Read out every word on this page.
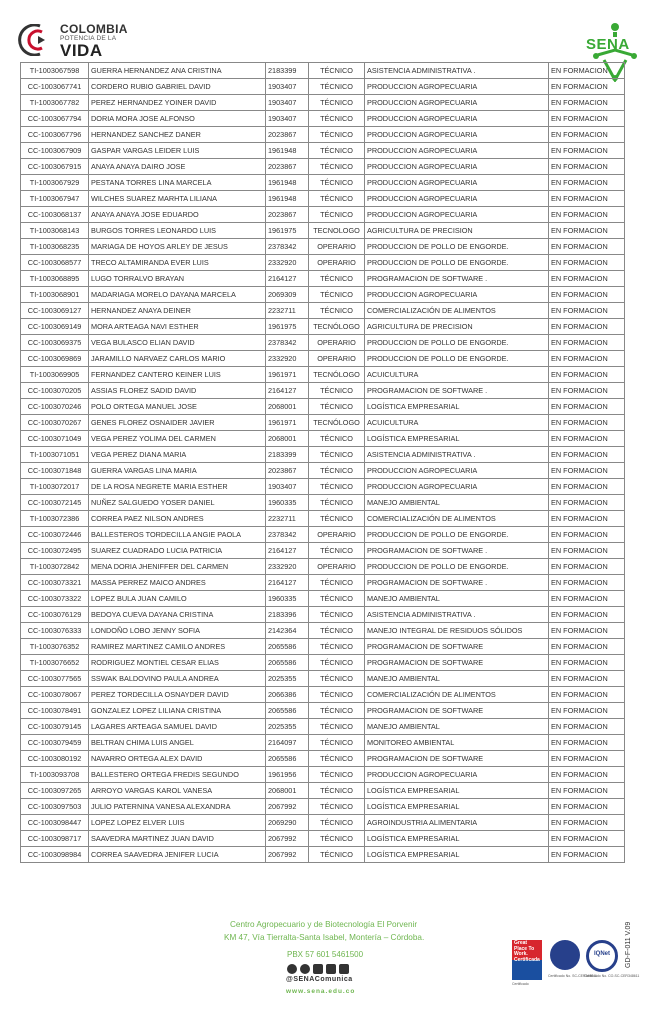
COLOMBIA
POTENCIA DE LA
VIDA	SENA
TI-1003067598	GUERRA HERNANDEZ ANA CRISTINA	2183399	TÉCNICO	ASISTENCIA ADMINISTRATIVA .	EN FORMACION
CC-1003067741	CORDERO RUBIO GABRIEL DAVID	1903407	TÉCNICO	PRODUCCION AGROPECUARIA	EN FORMACION
TI-1003067782	PEREZ HERNANDEZ YOINER DAVID	1903407	TÉCNICO	PRODUCCION AGROPECUARIA	EN FORMACION
CC-1003067794	DORIA MORA JOSE ALFONSO	1903407	TÉCNICO	PRODUCCION AGROPECUARIA	EN FORMACION
CC-1003067796	HERNANDEZ SANCHEZ DANER	2023867	TÉCNICO	PRODUCCION AGROPECUARIA	EN FORMACION
CC-1003067909	GASPAR VARGAS LEIDER LUIS	1961948	TÉCNICO	PRODUCCION AGROPECUARIA	EN FORMACION
CC-1003067915	ANAYA ANAYA DAIRO JOSE	2023867	TÉCNICO	PRODUCCION AGROPECUARIA	EN FORMACION
TI-1003067929	PESTANA TORRES LINA MARCELA	1961948	TÉCNICO	PRODUCCION AGROPECUARIA	EN FORMACION
TI-1003067947	WILCHES SUAREZ MARHTA LILIANA	1961948	TÉCNICO	PRODUCCION AGROPECUARIA	EN FORMACION
CC-1003068137	ANAYA ANAYA JOSE EDUARDO	2023867	TÉCNICO	PRODUCCION AGROPECUARIA	EN FORMACION
TI-1003068143	BURGOS TORRES LEONARDO LUIS	1961975	TECNOLOGO	AGRICULTURA DE PRECISION	EN FORMACION
TI-1003068235	MARIAGA DE HOYOS ARLEY DE JESUS	2378342	OPERARIO	PRODUCCION DE POLLO DE ENGORDE.	EN FORMACION
CC-1003068577	TRECO ALTAMIRANDA EVER LUIS	2332920	OPERARIO	PRODUCCION DE POLLO DE ENGORDE.	EN FORMACION
TI-1003068895	LUGO TORRALVO BRAYAN	2164127	TÉCNICO	PROGRAMACION DE SOFTWARE .	EN FORMACION
TI-1003068901	MADARIAGA MORELO DAYANA MARCELA	2069309	TÉCNICO	PRODUCCION AGROPECUARIA	EN FORMACION
CC-1003069127	HERNANDEZ ANAYA DEINER	2232711	TÉCNICO	COMERCIALIZACIÓN DE ALIMENTOS	EN FORMACION
CC-1003069149	MORA ARTEAGA NAVI ESTHER	1961975	TECNÓLOGO	AGRICULTURA DE PRECISION	EN FORMACION
CC-1003069375	VEGA BULASCO ELIAN DAVID	2378342	OPERARIO	PRODUCCION DE POLLO DE ENGORDE.	EN FORMACION
CC-1003069869	JARAMILLO NARVAEZ CARLOS MARIO	2332920	OPERARIO	PRODUCCION DE POLLO DE ENGORDE.	EN FORMACION
TI-1003069905	FERNANDEZ CANTERO KEINER LUIS	1961971	TECNÓLOGO	ACUICULTURA	EN FORMACION
CC-1003070205	ASSIAS FLOREZ SADID DAVID	2164127	TÉCNICO	PROGRAMACION DE SOFTWARE .	EN FORMACION
CC-1003070246	POLO ORTEGA MANUEL JOSE	2068001	TÉCNICO	LOGÍSTICA EMPRESARIAL	EN FORMACION
CC-1003070267	GENES FLOREZ OSNAIDER JAVIER	1961971	TECNÓLOGO	ACUICULTURA	EN FORMACION
CC-1003071049	VEGA PEREZ YOLIMA DEL CARMEN	2068001	TÉCNICO	LOGÍSTICA EMPRESARIAL	EN FORMACION
TI-1003071051	VEGA PEREZ DIANA MARIA	2183399	TÉCNICO	ASISTENCIA ADMINISTRATIVA .	EN FORMACION
CC-1003071848	GUERRA VARGAS LINA MARIA	2023867	TÉCNICO	PRODUCCION AGROPECUARIA	EN FORMACION
TI-1003072017	DE LA ROSA NEGRETE MARIA ESTHER	1903407	TÉCNICO	PRODUCCION AGROPECUARIA	EN FORMACION
CC-1003072145	NUÑEZ SALGUEDO YOSER DANIEL	1960335	TÉCNICO	MANEJO AMBIENTAL	EN FORMACION
TI-1003072386	CORREA PAEZ NILSON ANDRES	2232711	TÉCNICO	COMERCIALIZACIÓN DE ALIMENTOS	EN FORMACION
CC-1003072446	BALLESTEROS TORDECILLA ANGIE PAOLA	2378342	OPERARIO	PRODUCCION DE POLLO DE ENGORDE.	EN FORMACION
CC-1003072495	SUAREZ CUADRADO LUCIA PATRICIA	2164127	TÉCNICO	PROGRAMACION DE SOFTWARE .	EN FORMACION
TI-1003072842	MENA DORIA JHENIFFER DEL CARMEN	2332920	OPERARIO	PRODUCCION DE POLLO DE ENGORDE.	EN FORMACION
CC-1003073321	MASSA PERREZ MAICO ANDRES	2164127	TÉCNICO	PROGRAMACION DE SOFTWARE .	EN FORMACION
CC-1003073322	LOPEZ BULA JUAN CAMILO	1960335	TÉCNICO	MANEJO AMBIENTAL	EN FORMACION
CC-1003076129	BEDOYA CUEVA DAYANA CRISTINA	2183396	TÉCNICO	ASISTENCIA ADMINISTRATIVA .	EN FORMACION
CC-1003076333	LONDOÑO LOBO JENNY SOFIA	2142364	TÉCNICO	MANEJO INTEGRAL DE RESIDUOS SÓLIDOS	EN FORMACION
TI-1003076352	RAMIREZ MARTINEZ CAMILO ANDRES	2065586	TÉCNICO	PROGRAMACION DE SOFTWARE	EN FORMACION
TI-1003076652	RODRIGUEZ MONTIEL CESAR ELIAS	2065586	TÉCNICO	PROGRAMACION DE SOFTWARE	EN FORMACION
CC-1003077565	SSWAK BALDOVINO PAULA ANDREA	2025355	TÉCNICO	MANEJO AMBIENTAL	EN FORMACION
CC-1003078067	PEREZ TORDECILLA OSNAYDER DAVID	2066386	TÉCNICO	COMERCIALIZACIÓN DE ALIMENTOS	EN FORMACION
CC-1003078491	GONZALEZ LOPEZ LILIANA CRISTINA	2065586	TÉCNICO	PROGRAMACION DE SOFTWARE	EN FORMACION
CC-1003079145	LAGARES ARTEAGA SAMUEL DAVID	2025355	TÉCNICO	MANEJO AMBIENTAL	EN FORMACION
CC-1003079459	BELTRAN CHIMA LUIS ANGEL	2164097	TÉCNICO	MONITOREO AMBIENTAL	EN FORMACION
CC-1003080192	NAVARRO ORTEGA ALEX DAVID	2065586	TÉCNICO	PROGRAMACION DE SOFTWARE	EN FORMACION
TI-1003093708	BALLESTERO ORTEGA FREDIS SEGUNDO	1961956	TÉCNICO	PRODUCCION AGROPECUARIA	EN FORMACION
CC-1003097265	ARROYO VARGAS KAROL VANESA	2068001	TÉCNICO	LOGÍSTICA EMPRESARIAL	EN FORMACION
CC-1003097503	JULIO PATERNINA VANESA ALEXANDRA	2067992	TÉCNICO	LOGÍSTICA EMPRESARIAL	EN FORMACION
CC-1003098447	LOPEZ LOPEZ ELVER LUIS	2069290	TÉCNICO	AGROINDUSTRIA ALIMENTARIA	EN FORMACION
CC-1003098717	SAAVEDRA MARTINEZ JUAN DAVID	2067992	TÉCNICO	LOGÍSTICA EMPRESARIAL	EN FORMACION
CC-1003098984	CORREA SAAVEDRA JENIFER LUCIA	2067992	TÉCNICO	LOGÍSTICA EMPRESARIAL	EN FORMACION
Centro Agropecuario y de Biotecnología El Porvenir
KM 47, Vía Tierralta-Santa Isabel, Montería – Córdoba.
PBX 57 601 5461500
@SENAComunica
www.sena.edu.co
Great Place To Work. Certificada
Certificado
Certificado No. SC-CER348611
IQNet
Certificado No. CO-SC-CER348611
GD-F-011 V.09
